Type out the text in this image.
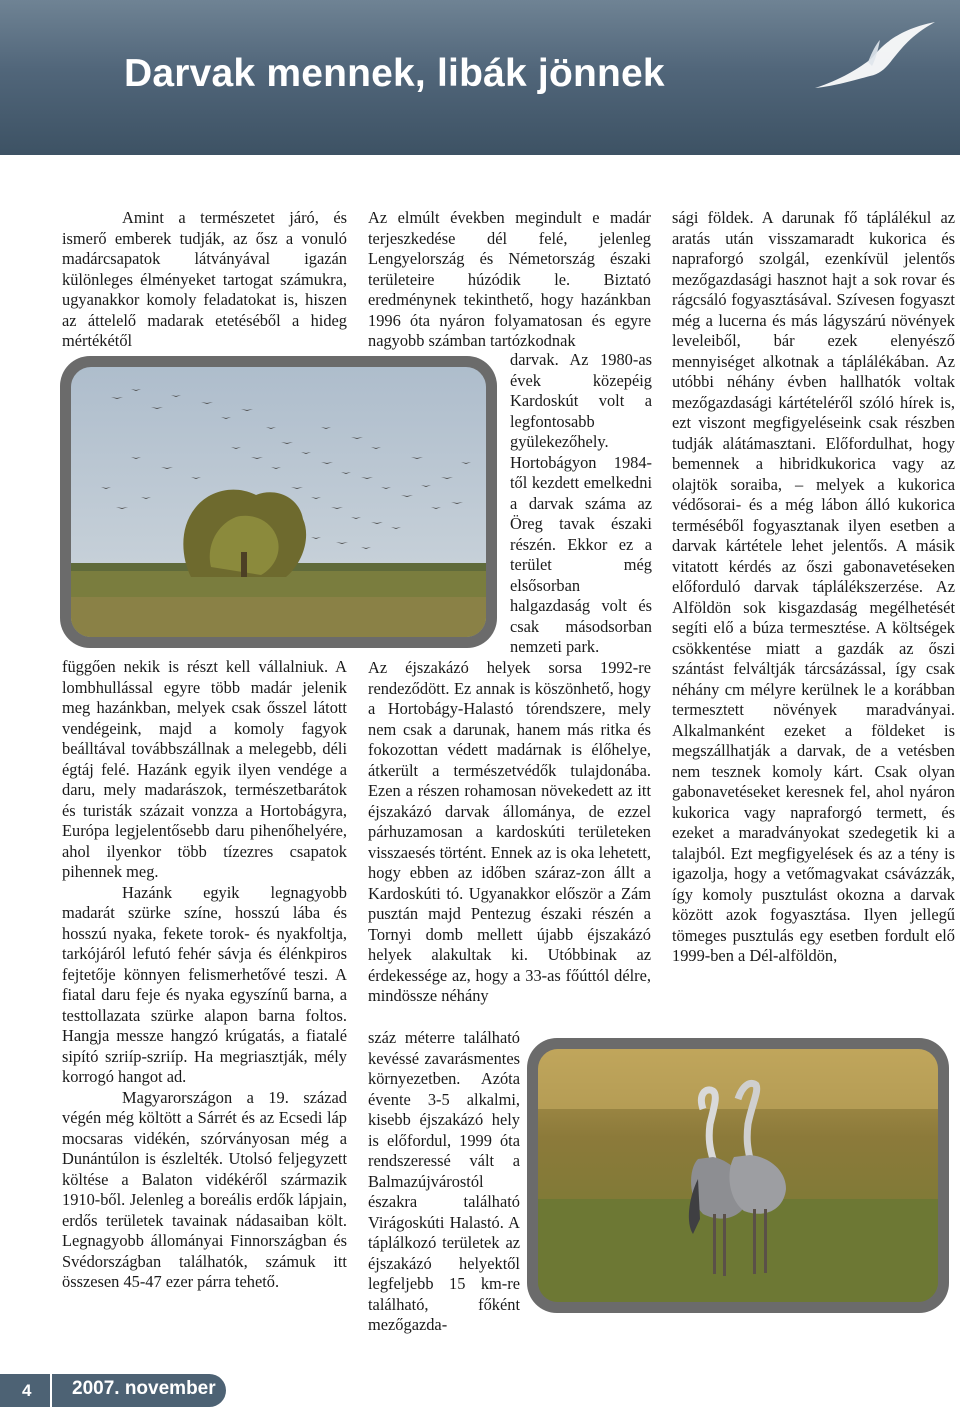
Darvak mennek, libák jönnek

Amint a természetet járó, és ismerő emberek tudják, az ősz a vonuló madárcsapatok látványával igazán különleges élményeket tartogat számukra, ugyanakkor komoly feladatokat is, hiszen az áttelelő madarak etetéséből a hideg mértékétől

függően nekik is részt kell vállalniuk. A lombhullással egyre több madár jelenik meg hazánkban, melyek csak ősszel látott vendégeink, majd a komoly fagyok beálltával továbbszállnak a melegebb, déli égtáj felé. Hazánk egyik ilyen vendége a daru, mely madarászok, természetbarátok és turisták százait vonzza a Hortobágyra, Európa legjelentősebb daru pihenőhelyére, ahol ilyenkor több tízezres csapatok pihennek meg.

Hazánk egyik legnagyobb madarát szürke színe, hosszú lába és hosszú nyaka, fekete torok- és nyakfoltja, tarkójáról lefutó fehér sávja és élénkpiros fejtetője könnyen felismerhetővé teszi. A fiatal daru feje és nyaka egyszínű barna, a testtollazata szürke alapon barna foltos. Hangja messze hangzó krúgatás, a fiatalé sipító szriíp-szriíp. Ha megriasztják, mély korrogó hangot ad.

Magyarországon a 19. század végén még költött a Sárrét és az Ecsedi láp mocsaras vidékén, szórványosan még a Dunántúlon is észlelték. Utolsó feljegyzett költése a Balaton vidékéről származik 1910-ből. Jelenleg a boreális erdők lápjain, erdős területek tavainak nádasaiban költ. Legnagyobb állományai Finnországban és Svédországban találhatók, számuk itt összesen 45-47 ezer párra tehető.

Az elmúlt években megindult e madár terjeszkedése dél felé, jelenleg Lengyelország és Németország északi területeire húzódik le. Biztató eredménynek tekinthető, hogy hazánkban 1996 óta nyáron folyamatosan és egyre nagyobb számban tartózkodnak

darvak. Az 1980-as évek közepéig Kardoskút volt a legfontosabb gyülekezőhely. Hortobágyon 1984-től kezdett emelkedni a darvak száma az Öreg tavak északi részén. Ekkor ez a terület még elsősorban halgazdaság volt és csak másodsorban nemzeti park.

Az éjszakázó helyek sorsa 1992-re rendeződött. Ez annak is köszönhető, hogy a Hortobágy-Halastó tórendszere, mely nem csak a darunak, hanem más ritka és fokozottan védett madárnak is élőhelye, átkerült a természetvédők tulajdonába. Ezen a részen rohamosan növekedett az itt éjszakázó darvak állománya, de ezzel párhuzamosan a kardoskúti területeken visszaesés történt. Ennek az is oka lehetett, hogy ebben az időben száraz-zon állt a Kardoskúti tó. Ugyanakkor először a Zám pusztán majd Pentezug északi részén a Tornyi domb mellett újabb éjszakázó helyek alakultak ki. Utóbbinak az érdekessége az, hogy a 33-as főúttól délre, mindössze néhány

száz méterre található kevéssé zavarásmentes környezetben. Azóta évente 3-5 alkalmi, kisebb éjszakázó hely is előfordul, 1999 óta rendszeressé vált a Balmazújvárostól északra található Virágoskúti Halastó. A táplálkozó területek az éjszakázó helyektől legfeljebb 15 km-re található, főként mezőgazda-

sági földek. A darunak fő táplálékul az aratás után visszamaradt kukorica és napraforgó szolgál, ezenkívül jelentős mezőgazdasági hasznot hajt a sok rovar és rágcsáló fogyasztásával. Szívesen fogyaszt még a lucerna és más lágyszárú növények leveleiből, bár ezek elenyésző mennyiséget alkotnak a táplálékában. Az utóbbi néhány évben hallhatók voltak mezőgazdasági kártételéről szóló hírek is, ezt viszont megfigyeléseink csak részben tudják alátámasztani. Előfordulhat, hogy bemennek a hibridkukorica vagy az olajtök soraiba, – melyek a kukorica védősorai- és a még lábon álló kukorica terméséből fogyasztanak ilyen esetben a darvak kártétele lehet jelentős. A másik vitatott kérdés az őszi gabonavetéseken előforduló darvak táplálékszerzése. Az Alföldön sok kisgazdaság megélhetését segíti elő a búza termesztése. A költségek csökkentése miatt a gazdák az őszi szántást felváltják tárcsázással, így csak néhány cm mélyre kerülnek le a korábban termesztett növények maradványai. Alkalmanként ezeket a földeket is megszállhatják a darvak, de a vetésben nem tesznek komoly kárt. Csak olyan gabonavetéseket keresnek fel, ahol nyáron kukorica vagy napraforgó termett, és ezeket a maradványokat szedegetik ki a talajból. Ezt megfigyelések és az a tény is igazolja, hogy a vetőmagvakat csávázzák, így komoly pusztulást okozna a darvak között azok fogyasztása. Ilyen jellegű tömeges pusztulás egy esetben fordult elő 1999-ben a Dél-alföldön,

4 2007. november
